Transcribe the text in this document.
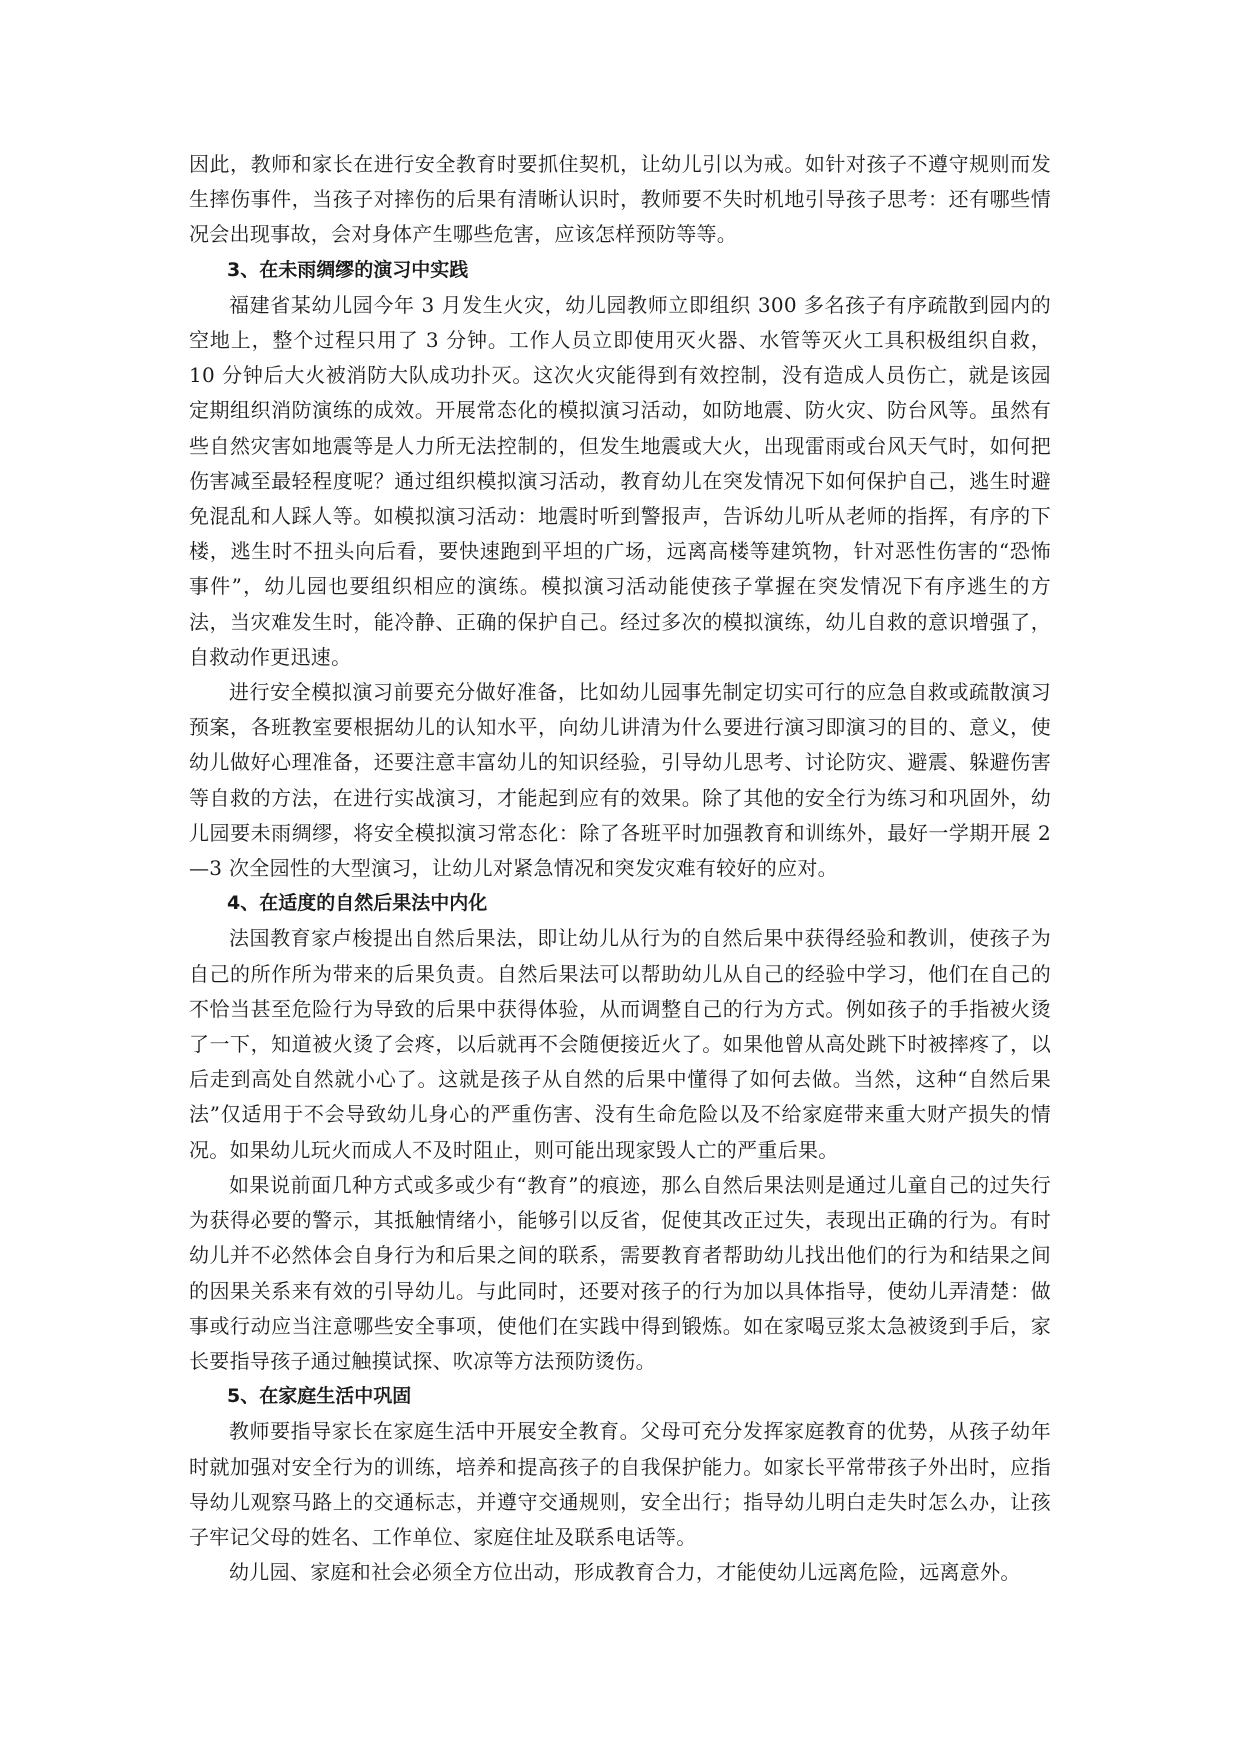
因此，教师和家长在进行安全教育时要抓住契机，让幼儿引以为戒。如针对孩子不遵守规则而发生摔伤事件，当孩子对摔伤的后果有清晰认识时，教师要不失时机地引导孩子思考：还有哪些情况会出现事故，会对身体产生哪些危害，应该怎样预防等等。

3、在未雨绸缪的演习中实践

福建省某幼儿园今年 3 月发生火灾，幼儿园教师立即组织 300 多名孩子有序疏散到园内的空地上，整个过程只用了 3 分钟。工作人员立即使用灭火器、水管等灭火工具积极组织自救，10 分钟后大火被消防大队成功扑灭。这次火灾能得到有效控制，没有造成人员伤亡，就是该园定期组织消防演练的成效。开展常态化的模拟演习活动，如防地震、防火灾、防台风等。虽然有些自然灾害如地震等是人力所无法控制的，但发生地震或大火，出现雷雨或台风天气时，如何把伤害减至最轻程度呢？通过组织模拟演习活动，教育幼儿在突发情况下如何保护自己，逃生时避免混乱和人踩人等。如模拟演习活动：地震时听到警报声，告诉幼儿听从老师的指挥，有序的下楼，逃生时不扭头向后看，要快速跑到平坦的广场，远离高楼等建筑物，针对恶性伤害的“恐怖事件”，幼儿园也要组织相应的演练。模拟演习活动能使孩子掌握在突发情况下有序逃生的方法，当灾难发生时，能冷静、正确的保护自己。经过多次的模拟演练，幼儿自救的意识增强了，自救动作更迅速。

进行安全模拟演习前要充分做好准备，比如幼儿园事先制定切实可行的应急自救或疏散演习预案，各班教室要根据幼儿的认知水平，向幼儿讲清为什么要进行演习即演习的目的、意义，使幼儿做好心理准备，还要注意丰富幼儿的知识经验，引导幼儿思考、讨论防灾、避震、躲避伤害等自救的方法，在进行实战演习，才能起到应有的效果。除了其他的安全行为练习和巩固外，幼儿园要未雨绸缪，将安全模拟演习常态化：除了各班平时加强教育和训练外，最好一学期开展 2—3 次全园性的大型演习，让幼儿对紧急情况和突发灾难有较好的应对。

4、在适度的自然后果法中内化

法国教育家卢梭提出自然后果法，即让幼儿从行为的自然后果中获得经验和教训，使孩子为自己的所作所为带来的后果负责。自然后果法可以帮助幼儿从自己的经验中学习，他们在自己的不恰当甚至危险行为导致的后果中获得体验，从而调整自己的行为方式。例如孩子的手指被火烫了一下，知道被火烫了会疼，以后就再不会随便接近火了。如果他曾从高处跳下时被摔疼了，以后走到高处自然就小心了。这就是孩子从自然的后果中懂得了如何去做。当然，这种“自然后果法”仅适用于不会导致幼儿身心的严重伤害、没有生命危险以及不给家庭带来重大财产损失的情况。如果幼儿玩火而成人不及时阻止，则可能出现家毁人亡的严重后果。

如果说前面几种方式或多或少有“教育”的痕迹，那么自然后果法则是通过儿童自己的过失行为获得必要的警示，其抵触情绪小，能够引以反省，促使其改正过失，表现出正确的行为。有时幼儿并不必然体会自身行为和后果之间的联系，需要教育者帮助幼儿找出他们的行为和结果之间的因果关系来有效的引导幼儿。与此同时，还要对孩子的行为加以具体指导，使幼儿弄清楚：做事或行动应当注意哪些安全事项，使他们在实践中得到锻炼。如在家喝豆浆太急被烫到手后，家长要指导孩子通过触摸试探、吹凉等方法预防烫伤。

5、在家庭生活中巩固

教师要指导家长在家庭生活中开展安全教育。父母可充分发挥家庭教育的优势，从孩子幼年时就加强对安全行为的训练，培养和提高孩子的自我保护能力。如家长平常带孩子外出时，应指导幼儿观察马路上的交通标志，并遵守交通规则，安全出行；指导幼儿明白走失时怎么办，让孩子牢记父母的姓名、工作单位、家庭住址及联系电话等。

幼儿园、家庭和社会必须全方位出动，形成教育合力，才能使幼儿远离危险，远离意外。
